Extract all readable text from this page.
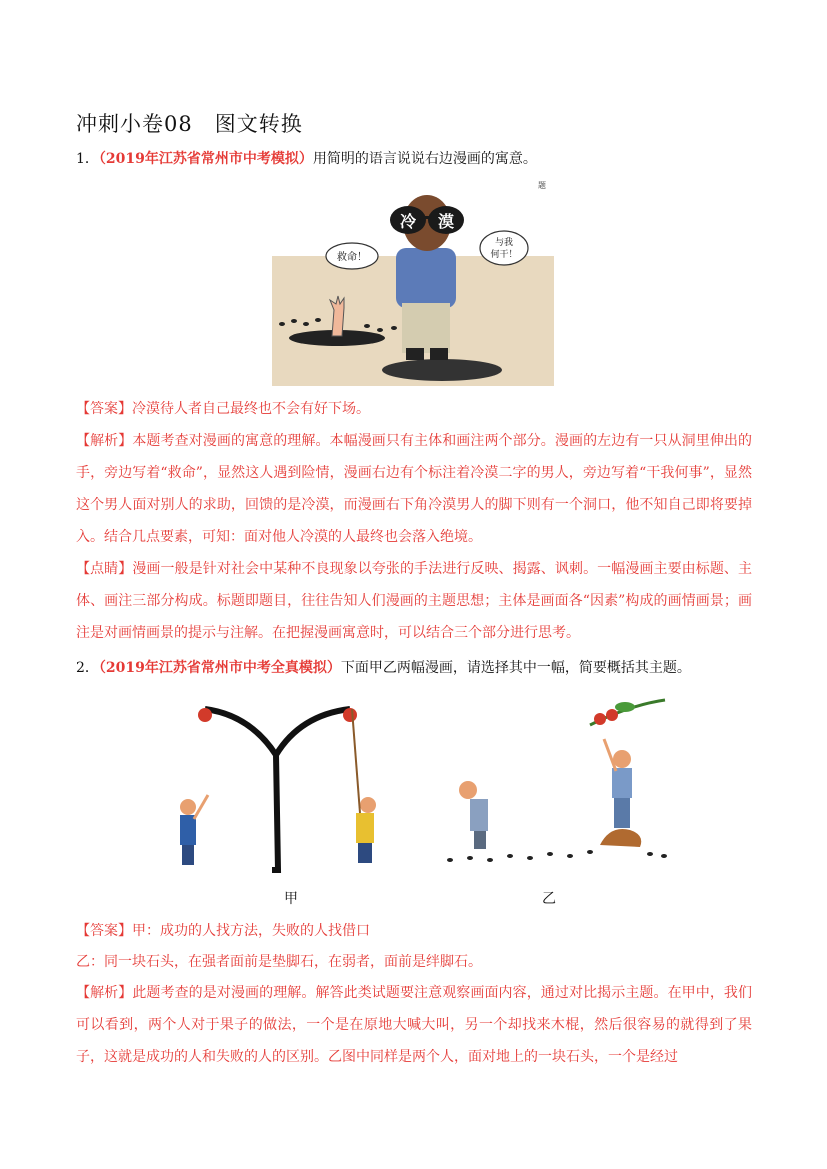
冲刺小卷08　图文转换
1．（2019年江苏省常州市中考模拟）用简明的语言说说右边漫画的寓意。
冷 漠
救命！
与我
何干！
题
【答案】冷漠待人者自己最终也不会有好下场。
【解析】本题考查对漫画的寓意的理解。本幅漫画只有主体和画注两个部分。漫画的左边有一只从洞里伸出的手，旁边写着“救命”，显然这人遇到险情，漫画右边有个标注着冷漠二字的男人，旁边写着“干我何事”，显然这个男人面对别人的求助，回馈的是冷漠，而漫画右下角冷漠男人的脚下则有一个洞口，他不知自己即将要掉入。结合几点要素，可知：面对他人冷漠的人最终也会落入绝境。
【点睛】漫画一般是针对社会中某种不良现象以夸张的手法进行反映、揭露、讽刺。一幅漫画主要由标题、主体、画注三部分构成。标题即题目，往往告知人们漫画的主题思想；主体是画面各“因素”构成的画情画景；画注是对画情画景的提示与注解。在把握漫画寓意时，可以结合三个部分进行思考。
2．（2019年江苏省常州市中考全真模拟）下面甲乙两幅漫画，请选择其中一幅，简要概括其主题。
甲	乙
【答案】甲：成功的人找方法，失败的人找借口
乙：同一块石头，在强者面前是垫脚石，在弱者，面前是绊脚石。
【解析】此题考查的是对漫画的理解。解答此类试题要注意观察画面内容，通过对比揭示主题。在甲中，我们可以看到，两个人对于果子的做法，一个是在原地大喊大叫，另一个却找来木棍，然后很容易的就得到了果子，这就是成功的人和失败的人的区别。乙图中同样是两个人，面对地上的一块石头，一个是经过
